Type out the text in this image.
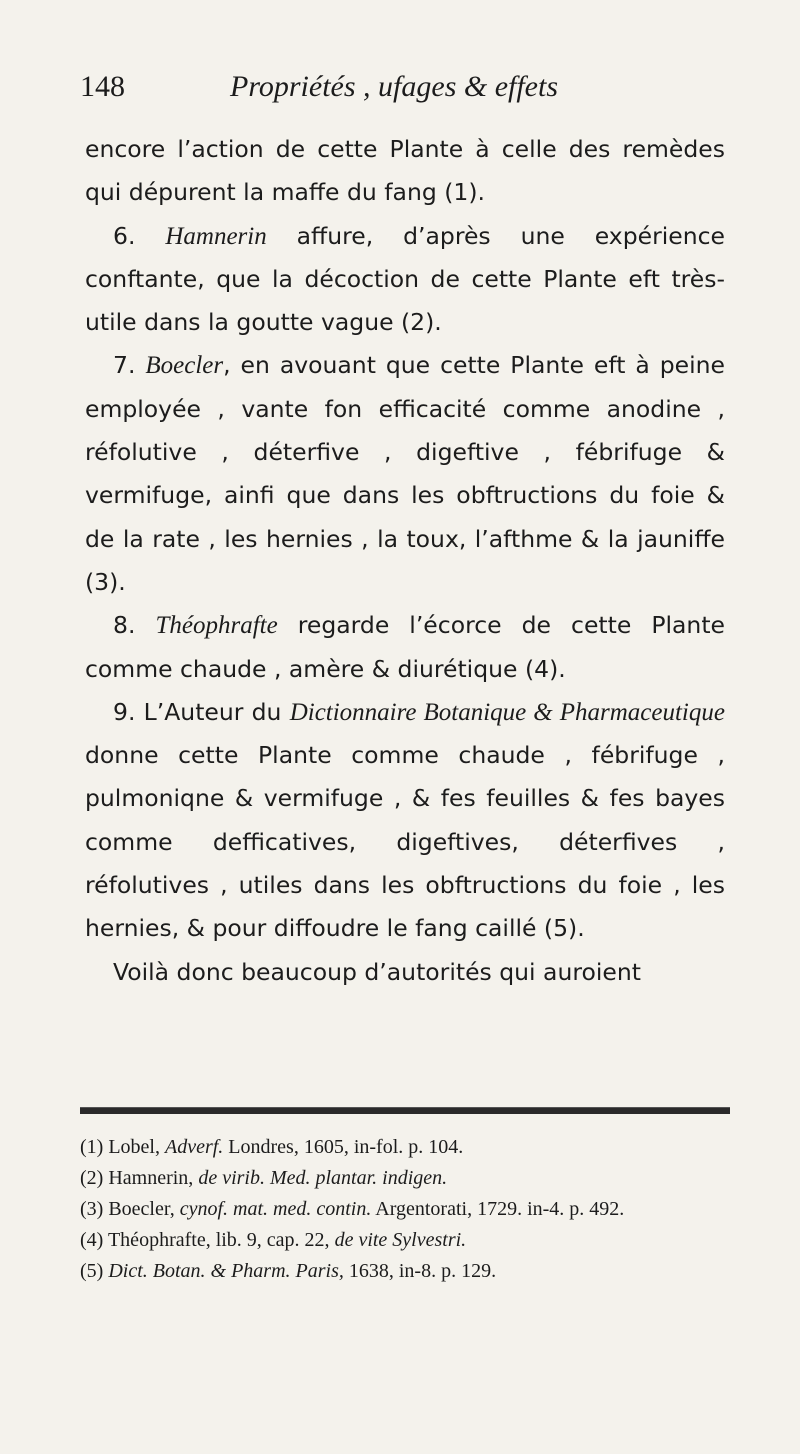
148	Propriétés , ufages & effets

encore l’action de cette Plante à celle des remèdes qui dépurent la maffe du fang (1).

6. Hamnerin affure, d’après une expérience conftante, que la décoction de cette Plante eft très-utile dans la goutte vague (2).

7. Boecler, en avouant que cette Plante eft à peine employée , vante fon efficacité comme anodine , réfolutive , déterfive , digeftive , fébrifuge & vermifuge, ainfi que dans les obftructions du foie & de la rate , les hernies , la toux, l’afthme & la jauniffe (3).

8. Théophrafte regarde l’écorce de cette Plante comme chaude , amère & diurétique (4).

9. L’Auteur du Dictionnaire Botanique & Pharmaceutique donne cette Plante comme chaude , fébrifuge , pulmoniqne & vermifuge , & fes feuilles & fes bayes comme defficatives, digeftives, déterfives , réfolutives , utiles dans les obftructions du foie , les hernies, & pour diffoudre le fang caillé (5).

Voilà donc beaucoup d’autorités qui auroient

(1) Lobel, Adverf. Londres, 1605, in-fol. p. 104.

(2) Hamnerin, de virib. Med. plantar. indigen.

(3) Boecler, cynof. mat. med. contin. Argentorati, 1729. in-4. p. 492.

(4) Théophrafte, lib. 9, cap. 22, de vite Sylvestri.

(5) Dict. Botan. & Pharm. Paris, 1638, in-8. p. 129.
